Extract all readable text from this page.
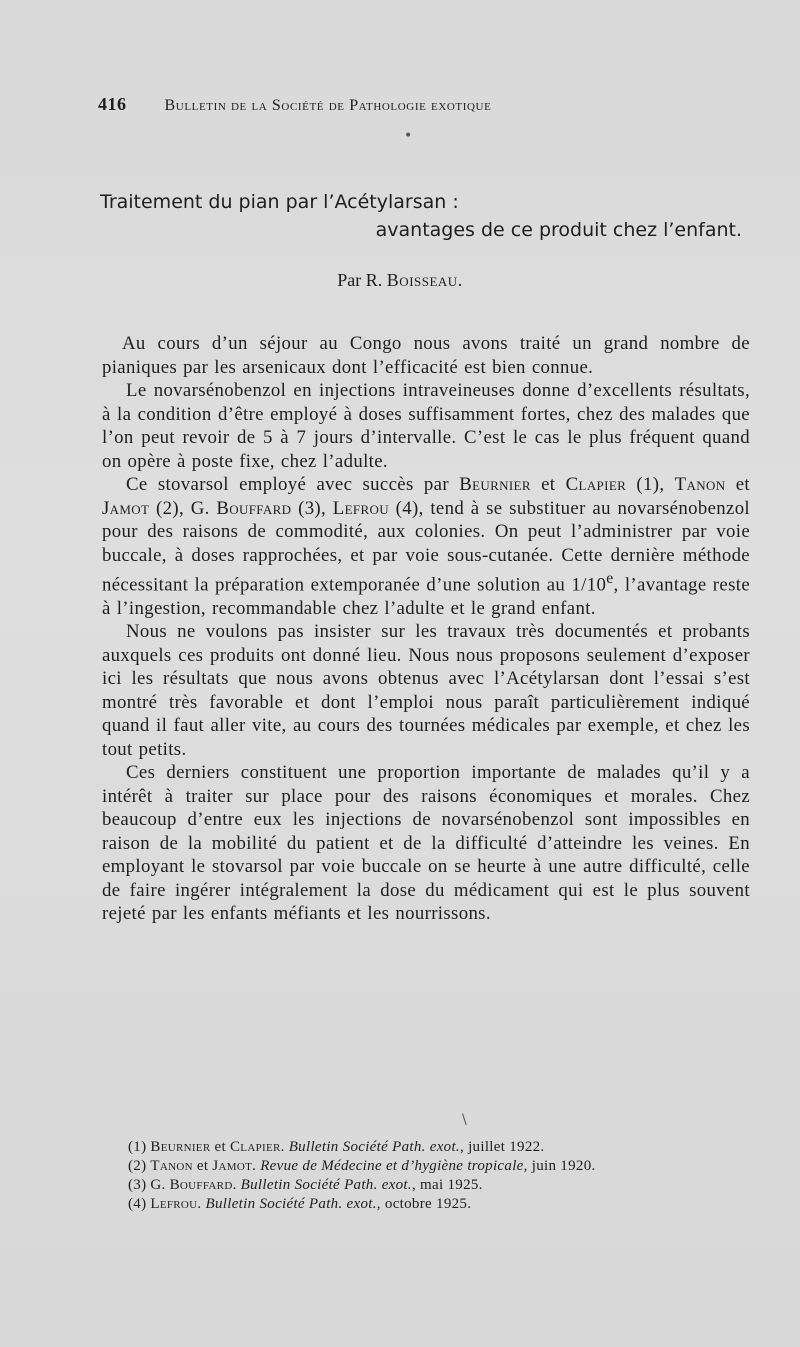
416 Bulletin de la Société de Pathologie exotique
•
Traitement du pian par l’Acétylarsan :
avantages de ce produit chez l’enfant.
Par R. Boisseau.

Au cours d’un séjour au Congo nous avons traité un grand nombre de pianiques par les arsenicaux dont l’efficacité est bien connue.

Le novarsénobenzol en injections intraveineuses donne d’excellents résultats, à la condition d’être employé à doses suffisamment fortes, chez des malades que l’on peut revoir de 5 à 7 jours d’intervalle. C’est le cas le plus fréquent quand on opère à poste fixe, chez l’adulte.

Ce stovarsol employé avec succès par Beurnier et Clapier (1), Tanon et Jamot (2), G. Bouffard (3), Lefrou (4), tend à se substituer au novarsénobenzol pour des raisons de commodité, aux colonies. On peut l’administrer par voie buccale, à doses rapprochées, et par voie sous-cutanée. Cette dernière méthode nécessitant la préparation extemporanée d’une solution au 1/10e, l’avantage reste à l’ingestion, recommandable chez l’adulte et le grand enfant.

Nous ne voulons pas insister sur les travaux très documentés et probants auxquels ces produits ont donné lieu. Nous nous proposons seulement d’exposer ici les résultats que nous avons obtenus avec l’Acétylarsan dont l’essai s’est montré très favorable et dont l’emploi nous paraît particulièrement indiqué quand il faut aller vite, au cours des tournées médicales par exemple, et chez les tout petits.

Ces derniers constituent une proportion importante de malades qu’il y a intérêt à traiter sur place pour des raisons économiques et morales. Chez beaucoup d’entre eux les injections de novarsénobenzol sont impossibles en raison de la mobilité du patient et de la difficulté d’atteindre les veines. En employant le stovarsol par voie buccale on se heurte à une autre difficulté, celle de faire ingérer intégralement la dose du médicament qui est le plus souvent rejeté par les enfants méfiants et les nourrissons.

\
(1) Beurnier et Clapier. Bulletin Société Path. exot., juillet 1922.
(2) Tanon et Jamot. Revue de Médecine et d’hygiène tropicale, juin 1920.
(3) G. Bouffard. Bulletin Société Path. exot., mai 1925.
(4) Lefrou. Bulletin Société Path. exot., octobre 1925.
